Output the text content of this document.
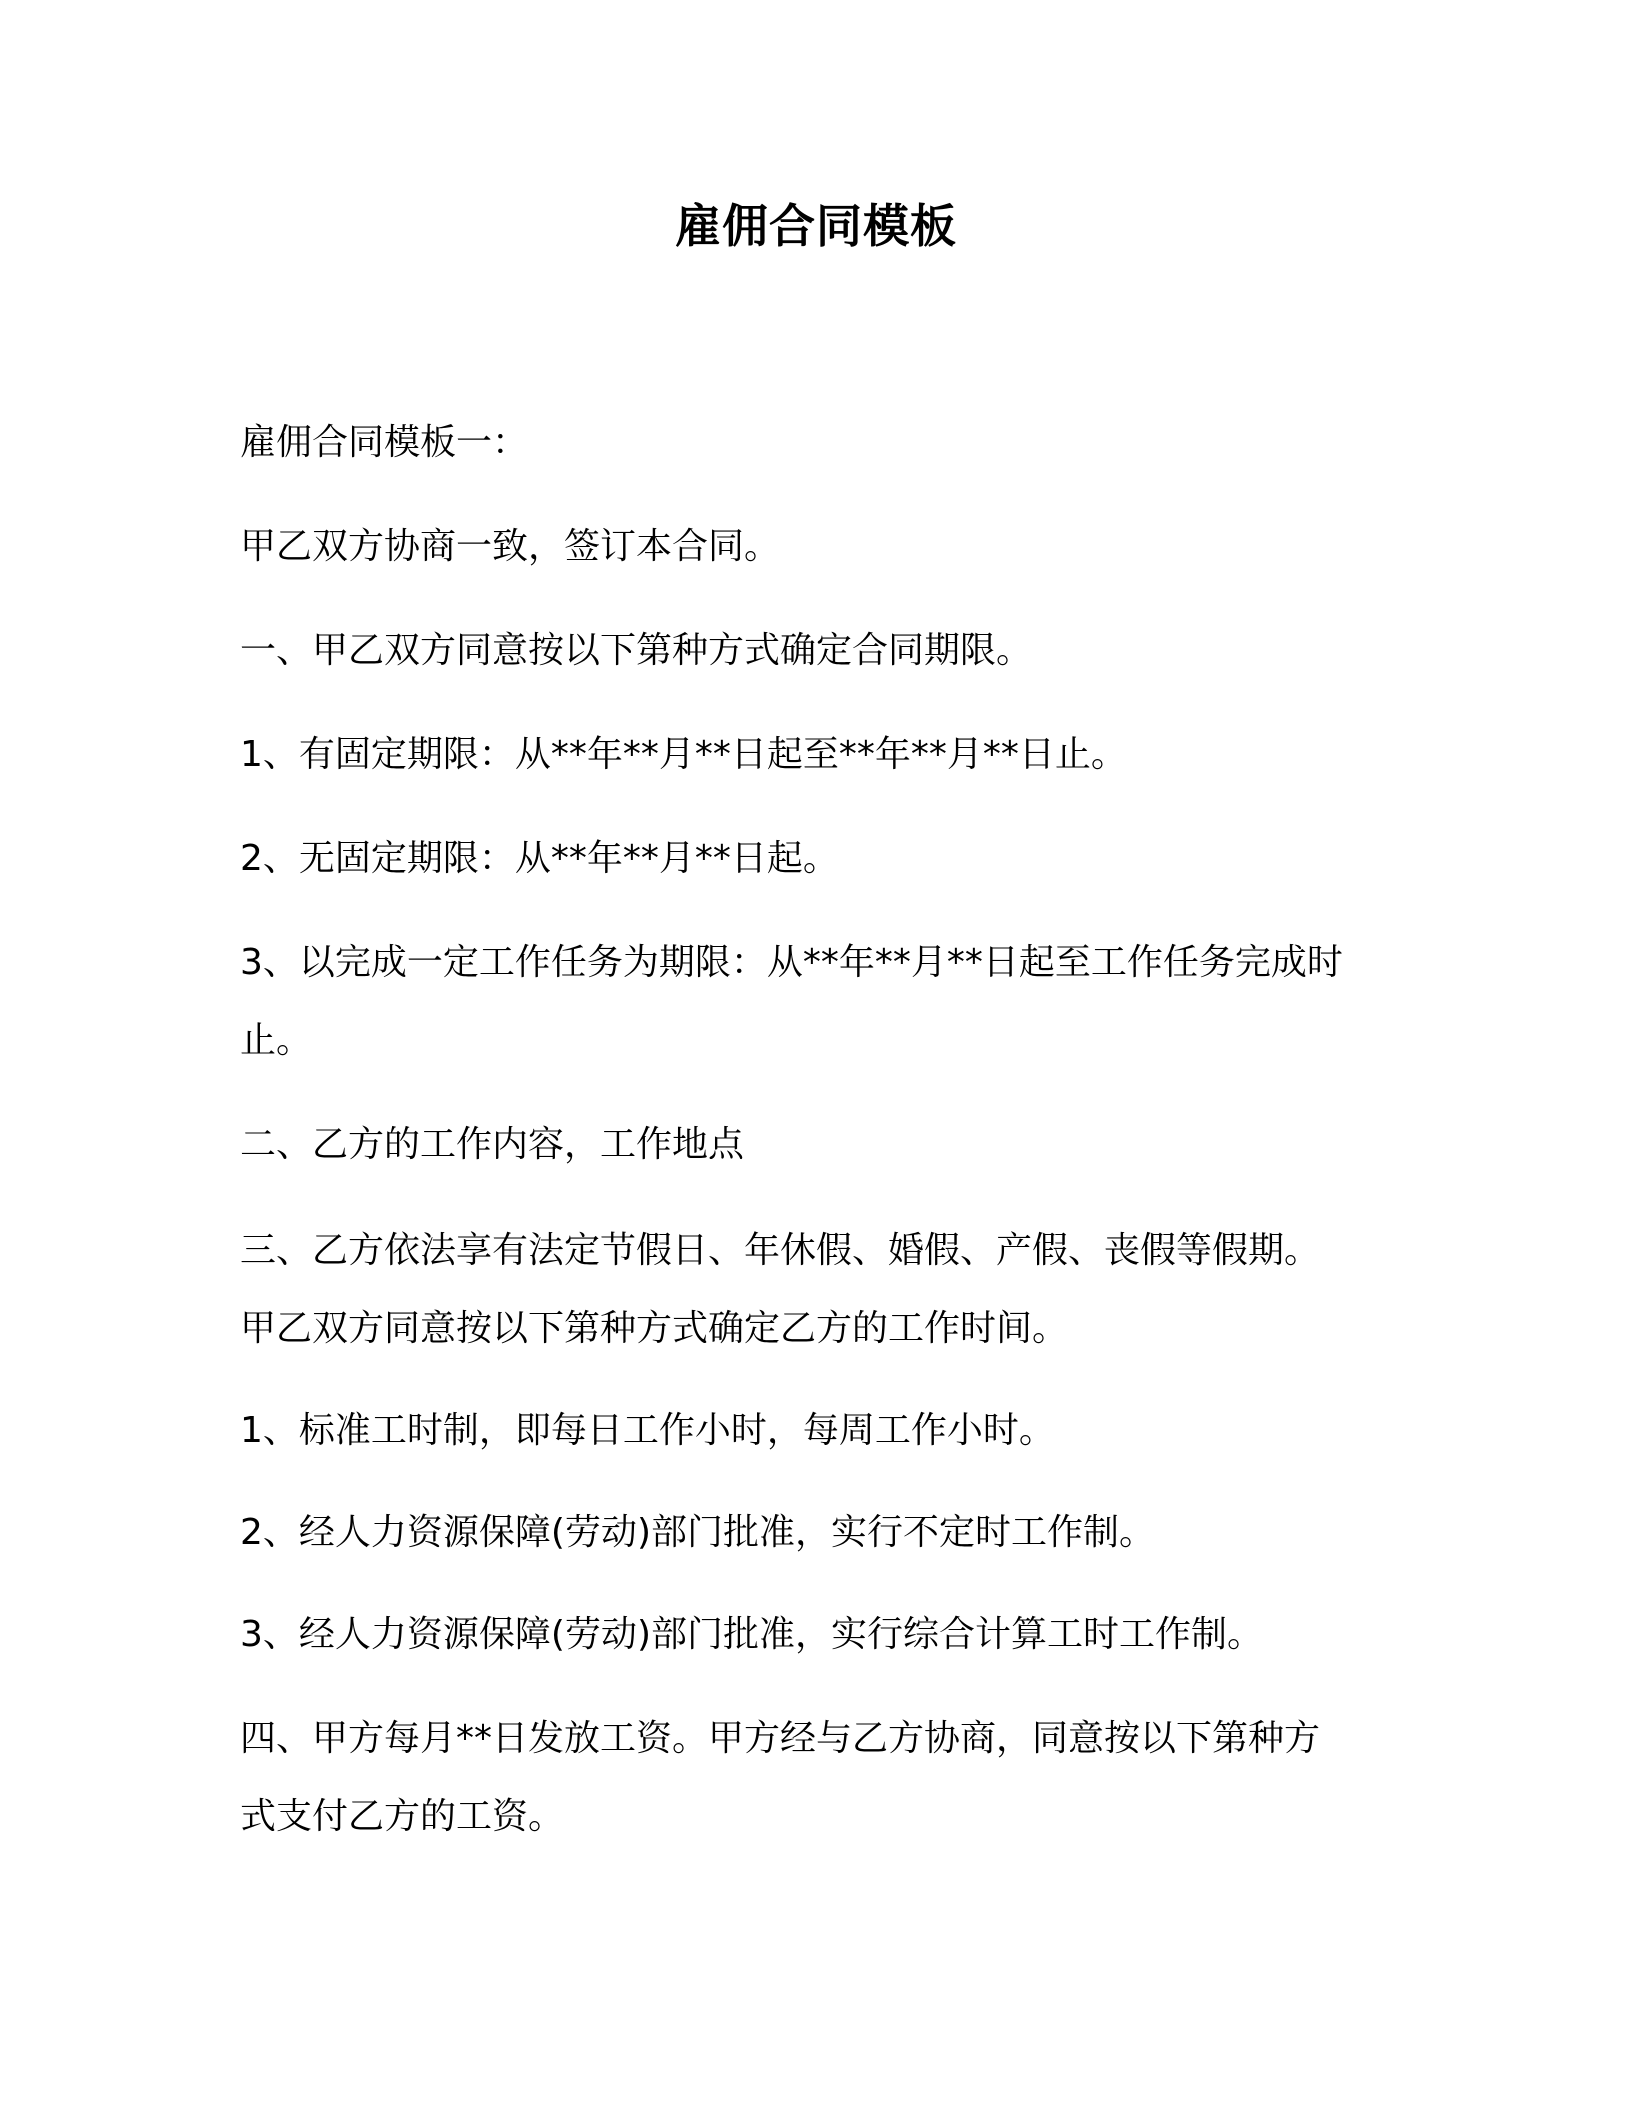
雇佣合同模板

雇佣合同模板一：

甲乙双方协商一致，签订本合同。

一、甲乙双方同意按以下第种方式确定合同期限。

1、有固定期限：从**年**月**日起至**年**月**日止。

2、无固定期限：从**年**月**日起。

3、以完成一定工作任务为期限：从**年**月**日起至工作任务完成时
止。

二、乙方的工作内容，工作地点

三、乙方依法享有法定节假日、年休假、婚假、产假、丧假等假期。
甲乙双方同意按以下第种方式确定乙方的工作时间。

1、标准工时制，即每日工作小时，每周工作小时。

2、经人力资源保障(劳动)部门批准，实行不定时工作制。

3、经人力资源保障(劳动)部门批准，实行综合计算工时工作制。

四、甲方每月**日发放工资。甲方经与乙方协商，同意按以下第种方
式支付乙方的工资。
